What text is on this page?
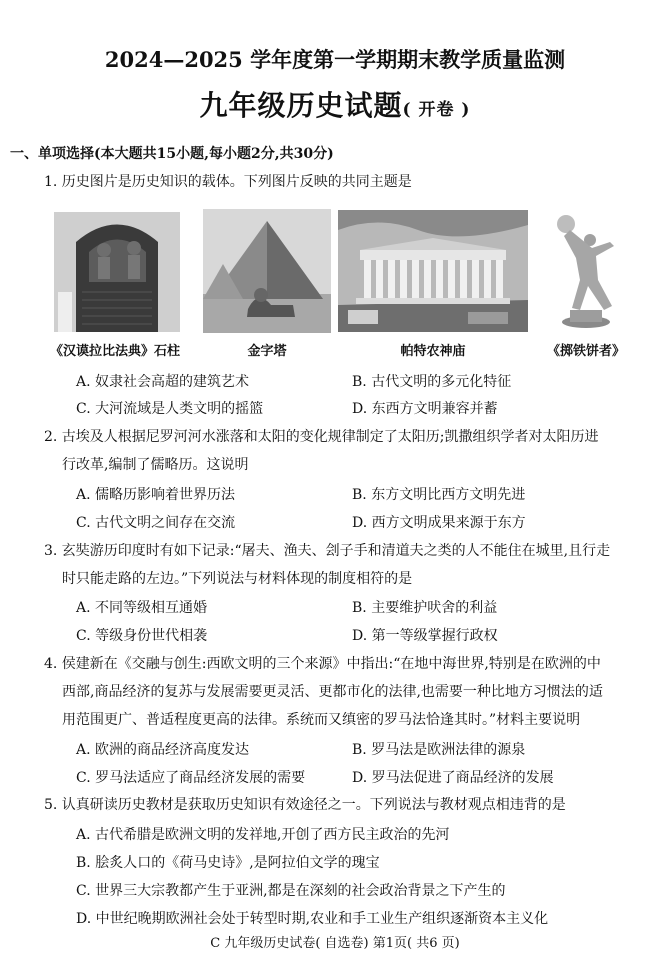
2024—2025 学年度第一学期期末教学质量监测
九年级历史试题( 开卷 )
一、单项选择(本大题共15小题,每小题2分,共30分)
1. 历史图片是历史知识的载体。下列图片反映的共同主题是
《汉谟拉比法典》石柱	金字塔	帕特农神庙	《掷铁饼者》
A. 奴隶社会高超的建筑艺术	B. 古代文明的多元化特征
C. 大河流域是人类文明的摇篮	D. 东西方文明兼容并蓄
2. 古埃及人根据尼罗河河水涨落和太阳的变化规律制定了太阳历;凯撒组织学者对太阳历进
行改革,编制了儒略历。这说明
A. 儒略历影响着世界历法	B. 东方文明比西方文明先进
C. 古代文明之间存在交流	D. 西方文明成果来源于东方
3. 玄奘游历印度时有如下记录:“屠夫、渔夫、刽子手和清道夫之类的人不能住在城里,且行走
时只能走路的左边。”下列说法与材料体现的制度相符的是
A. 不同等级相互通婚	B. 主要维护吠舍的利益
C. 等级身份世代相袭	D. 第一等级掌握行政权
4. 侯建新在《交融与创生:西欧文明的三个来源》中指出:“在地中海世界,特别是在欧洲的中
西部,商品经济的复苏与发展需要更灵活、更都市化的法律,也需要一种比地方习惯法的适
用范围更广、普适程度更高的法律。系统而又缜密的罗马法恰逢其时。”材料主要说明
A. 欧洲的商品经济高度发达	B. 罗马法是欧洲法律的源泉
C. 罗马法适应了商品经济发展的需要	D. 罗马法促进了商品经济的发展
5. 认真研读历史教材是获取历史知识有效途径之一。下列说法与教材观点相违背的是
A. 古代希腊是欧洲文明的发祥地,开创了西方民主政治的先河
B. 脍炙人口的《荷马史诗》,是阿拉伯文学的瑰宝
C. 世界三大宗教都产生于亚洲,都是在深刻的社会政治背景之下产生的
D. 中世纪晚期欧洲社会处于转型时期,农业和手工业生产组织逐渐资本主义化
C 九年级历史试卷( 自选卷) 第1页( 共6 页)
